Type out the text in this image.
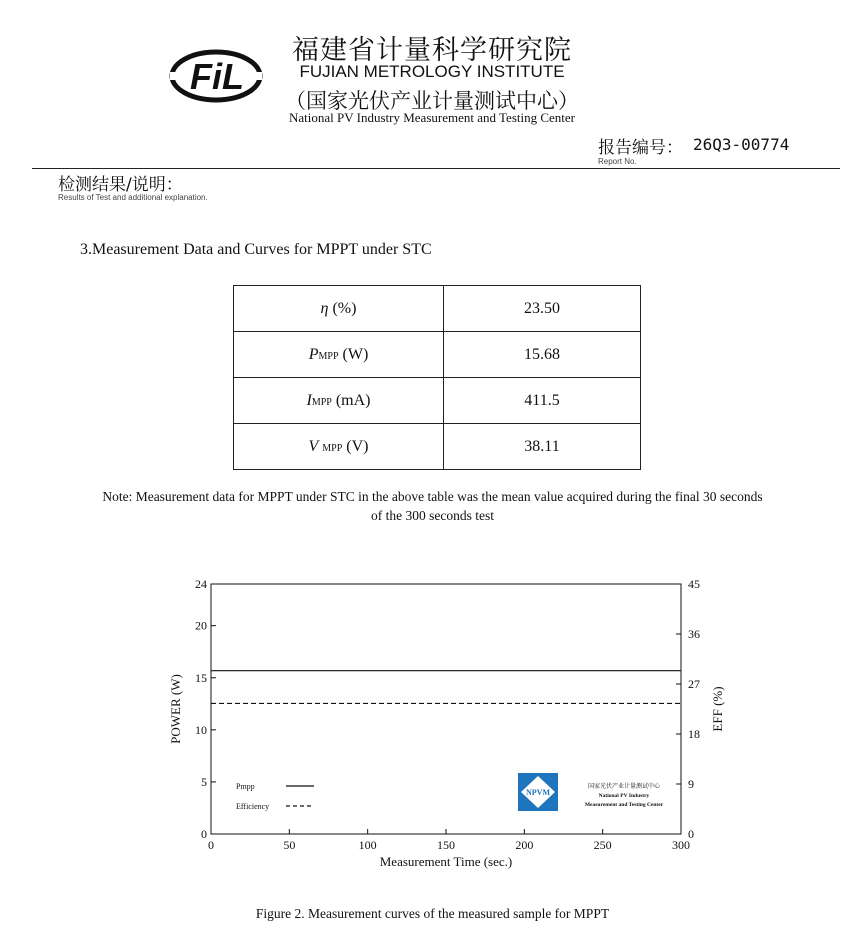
FiL
福建省计量科学研究院
FUJIAN METROLOGY INSTITUTE
（国家光伏产业计量测试中心）
National PV Industry Measurement and Testing Center
报告编号： 26Q3-00774
Report No.
检测结果/说明：
Results of Test and additional explanation.
3.Measurement Data and Curves for MPPT under STC
η (%)	23.50
PMPP (W)	15.68
IMPP (mA)	411.5
V MPP (V)	38.11
Note: Measurement data for MPPT under STC in the above table was the mean value acquired during the final 30 seconds of the 300 seconds test
0	50	100	150	200	250	300
0
5
10
15
20
24
0
9
18
27
36
45
Measurement Time (sec.)
POWER (W)	EFF (%)
Pmpp
Efficiency
NPVM
国家光伏产业计量测试中心
National PV Industry
Measurement and Testing Center
Figure 2. Measurement curves of the measured sample for MPPT
